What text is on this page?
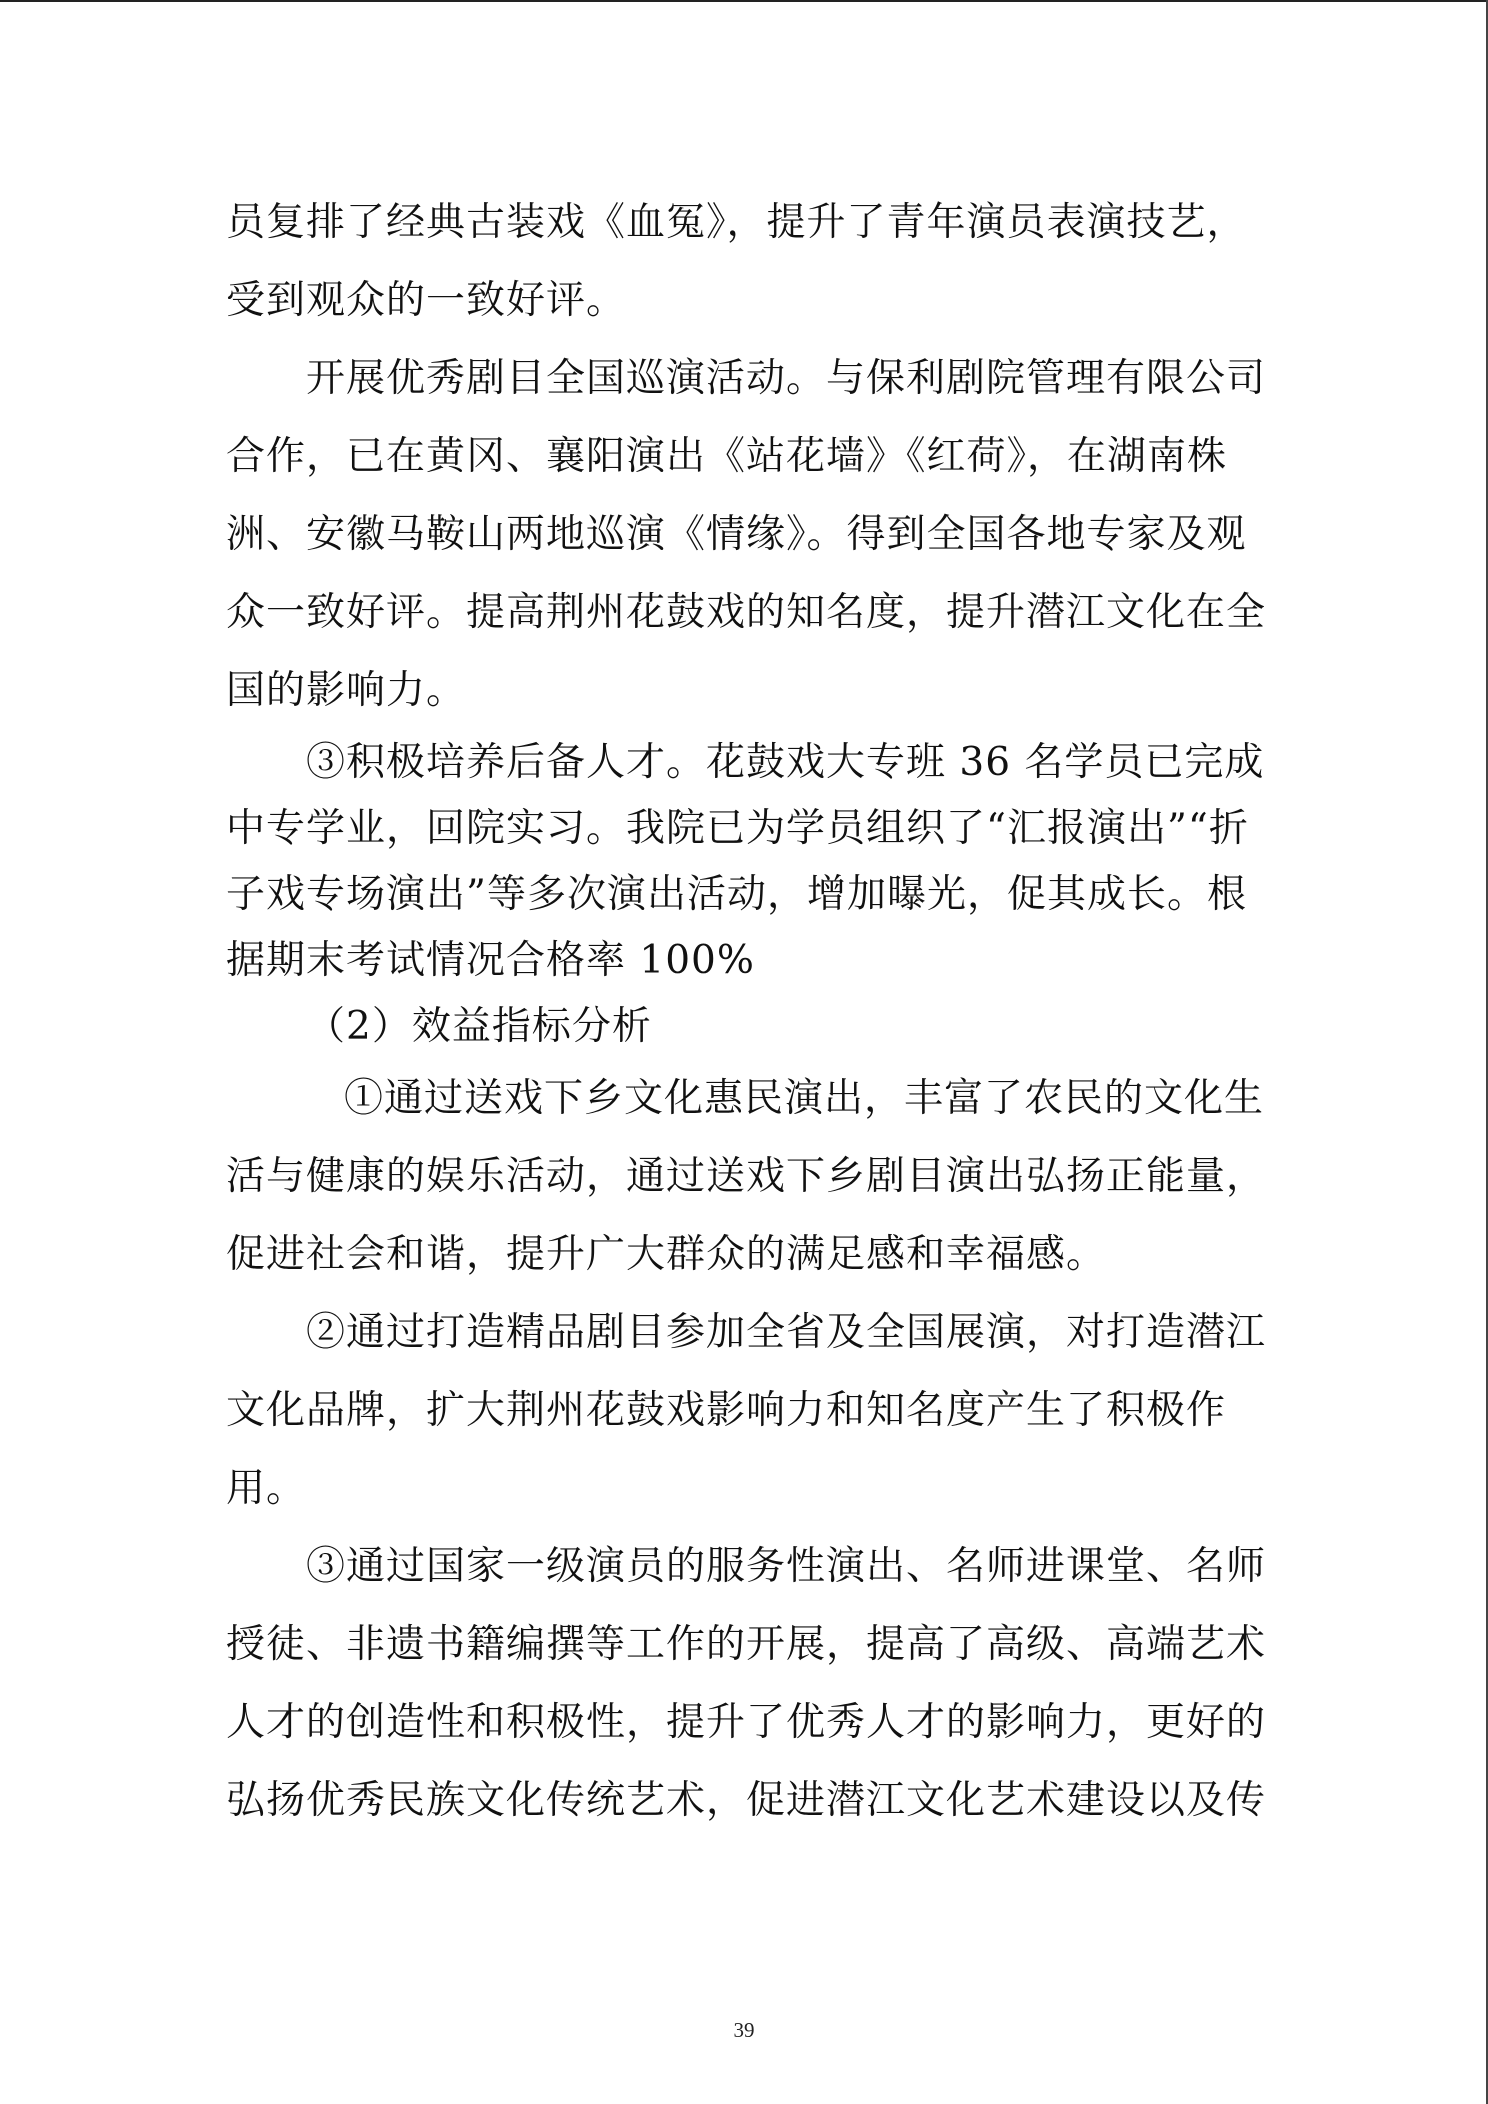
员复排了经典古装戏《血冤》，提升了青年演员表演技艺，受到观众的一致好评。

开展优秀剧目全国巡演活动。与保利剧院管理有限公司合作，已在黄冈、襄阳演出《站花墙》《红荷》，在湖南株洲、安徽马鞍山两地巡演《情缘》。得到全国各地专家及观众一致好评。提高荆州花鼓戏的知名度，提升潜江文化在全国的影响力。

③积极培养后备人才。花鼓戏大专班 36 名学员已完成中专学业，回院实习。我院已为学员组织了“汇报演出”“折子戏专场演出”等多次演出活动，增加曝光，促其成长。根据期末考试情况合格率 100%

（2）效益指标分析

①通过送戏下乡文化惠民演出，丰富了农民的文化生活与健康的娱乐活动，通过送戏下乡剧目演出弘扬正能量，促进社会和谐，提升广大群众的满足感和幸福感。

②通过打造精品剧目参加全省及全国展演，对打造潜江文化品牌，扩大荆州花鼓戏影响力和知名度产生了积极作用。

③通过国家一级演员的服务性演出、名师进课堂、名师授徒、非遗书籍编撰等工作的开展，提高了高级、高端艺术人才的创造性和积极性，提升了优秀人才的影响力，更好的弘扬优秀民族文化传统艺术，促进潜江文化艺术建设以及传

39
